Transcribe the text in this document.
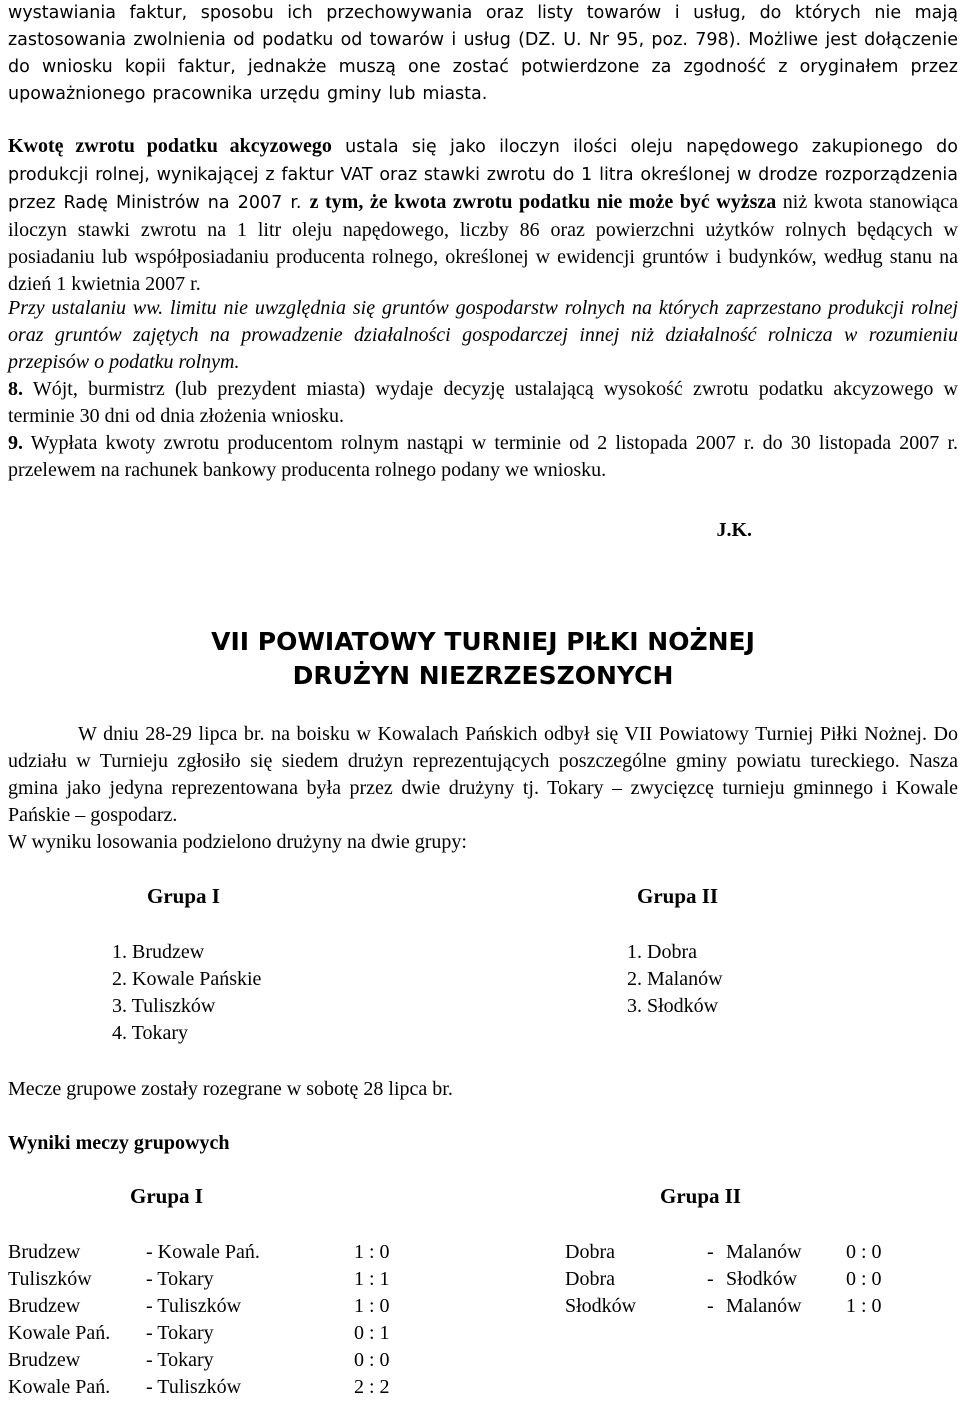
wystawiania faktur, sposobu ich przechowywania oraz listy towarów i usług, do których nie mają zastosowania zwolnienia od podatku od towarów i usług (DZ. U. Nr 95, poz. 798). Możliwe jest dołączenie do wniosku kopii faktur, jednakże muszą one zostać potwierdzone za zgodność z oryginałem przez upoważnionego pracownika urzędu gminy lub miasta.

Kwotę zwrotu podatku akcyzowego ustala się jako iloczyn ilości oleju napędowego zakupionego do produkcji rolnej, wynikającej z faktur VAT oraz stawki zwrotu do 1 litra określonej w drodze rozporządzenia przez Radę Ministrów na 2007 r. z tym, że kwota zwrotu podatku nie może być wyższa niż kwota stanowiąca iloczyn stawki zwrotu na 1 litr oleju napędowego, liczby 86 oraz powierzchni użytków rolnych będących w posiadaniu lub współposiadaniu producenta rolnego, określonej w ewidencji gruntów i budynków, według stanu na dzień 1 kwietnia 2007 r.

Przy ustalaniu ww. limitu nie uwzględnia się gruntów gospodarstw rolnych na których zaprzestano produkcji rolnej oraz gruntów zajętych na prowadzenie działalności gospodarczej innej niż działalność rolnicza w rozumieniu przepisów o podatku rolnym.

8. Wójt, burmistrz (lub prezydent miasta) wydaje decyzję ustalającą wysokość zwrotu podatku akcyzowego w terminie 30 dni od dnia złożenia wniosku.
9. Wypłata kwoty zwrotu producentom rolnym nastąpi w terminie od 2 listopada 2007 r. do 30 listopada 2007 r. przelewem na rachunek bankowy producenta rolnego podany we wniosku.
J.K.
VII POWIATOWY TURNIEJ PIŁKI NOŻNEJ
DRUŻYN NIEZRZESZONYCH

W dniu 28-29 lipca br. na boisku w Kowalach Pańskich odbył się VII Powiatowy Turniej Piłki Nożnej. Do udziału w Turnieju zgłosiło się siedem drużyn reprezentujących poszczególne gminy powiatu tureckiego. Nasza gmina jako jedyna reprezentowana była przez dwie drużyny tj. Tokary – zwycięzcę turnieju gminnego i Kowale Pańskie – gospodarz.

W wyniku losowania podzielono drużyny na dwie grupy:

Grupa I	Grupa II
1. Brudzew
2. Kowale Pańskie
3. Tuliszków
4. Tokary
1. Dobra
2. Malanów
3. Słodków

Mecze grupowe zostały rozegrane w sobotę 28 lipca br.

Wyniki meczy grupowych

Grupa I	Grupa II
Brudzew	- Kowale Pań.	1 : 0	Dobra	- Malanów 0 : 0
Tuliszków	- Tokary	1 : 1	Dobra	- Słodków 0 : 0
Brudzew	- Tuliszków	1 : 0	Słodków	- Malanów 1 : 0
Kowale Pań. - Tokary	0 : 1
Brudzew	- Tokary	0 : 0
Kowale Pań. - Tuliszków	2 : 2
